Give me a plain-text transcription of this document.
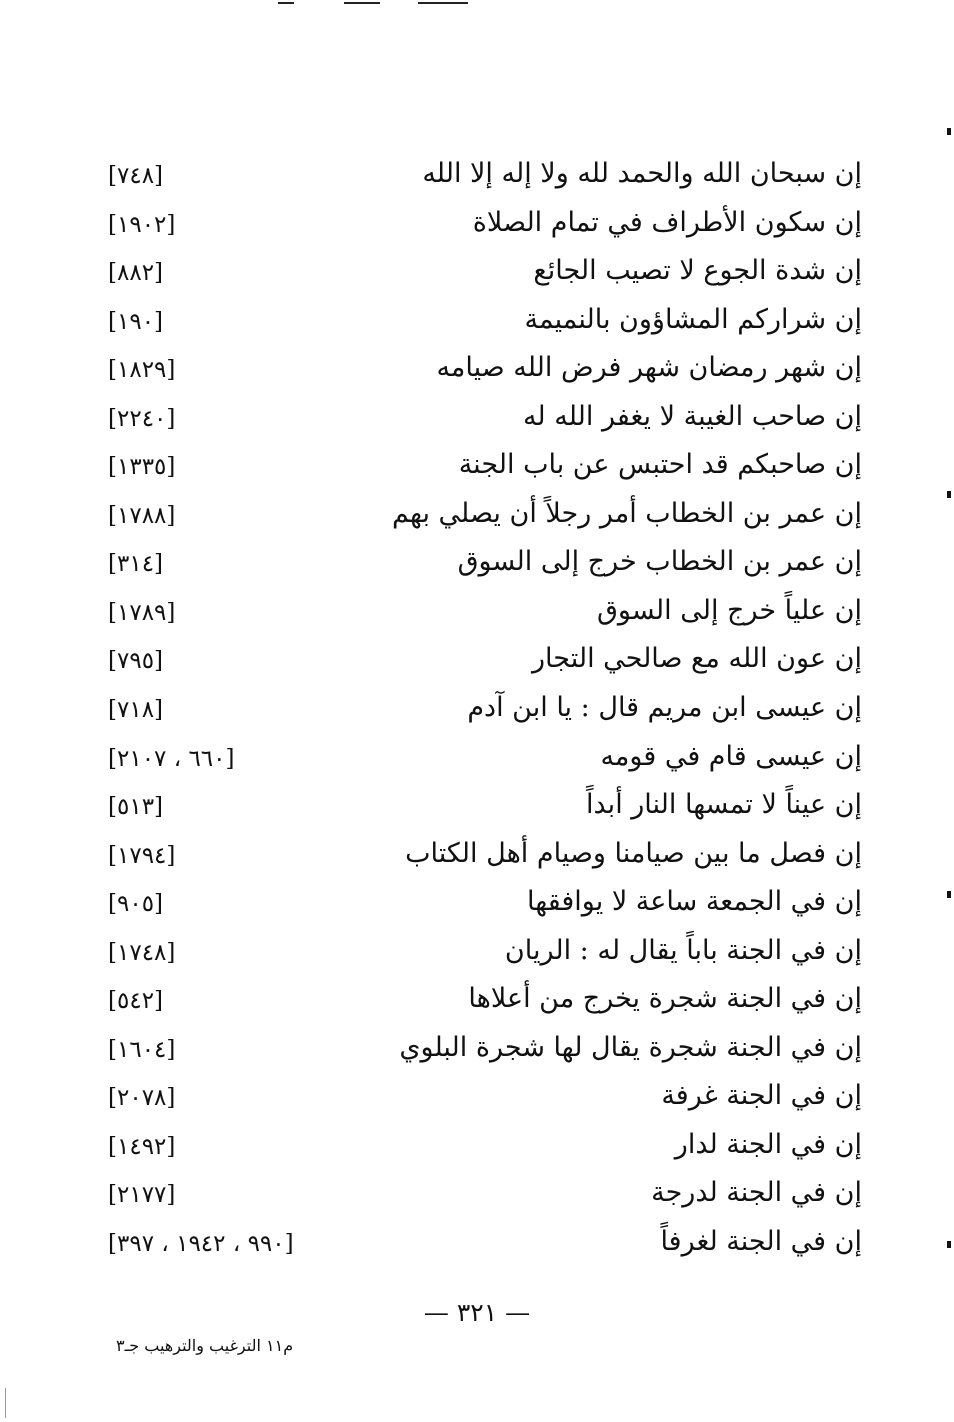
إن سبحان الله والحمد لله ولا إله إلا الله
[٧٤٨]
إن سكون الأطراف في تمام الصلاة
[١٩٠٢]
إن شدة الجوع لا تصيب الجائع
[٨٨٢]
إن شراركم المشاؤون بالنميمة
[١٩٠]
إن شهر رمضان شهر فرض الله صيامه
[١٨٢٩]
إن صاحب الغيبة لا يغفر الله له
[٢٢٤٠]
إن صاحبكم قد احتبس عن باب الجنة
[١٣٣٥]
إن عمر بن الخطاب أمر رجلاً أن يصلي بهم
[١٧٨٨]
إن عمر بن الخطاب خرج إلى السوق
[٣١٤]
إن علياً خرج إلى السوق
[١٧٨٩]
إن عون الله مع صالحي التجار
[٧٩٥]
إن عيسى ابن مريم قال : يا ابن آدم
[٧١٨]
إن عيسى قام في قومه
[٦٦٠ ، ٢١٠٧]
إن عيناً لا تمسها النار أبداً
[٥١٣]
إن فصل ما بين صيامنا وصيام أهل الكتاب
[١٧٩٤]
إن في الجمعة ساعة لا يوافقها
[٩٠٥]
إن في الجنة باباً يقال له : الريان
[١٧٤٨]
إن في الجنة شجرة يخرج من أعلاها
[٥٤٢]
إن في الجنة شجرة يقال لها شجرة البلوي
[١٦٠٤]
إن في الجنة غرفة
[٢٠٧٨]
إن في الجنة لدار
[١٤٩٢]
إن في الجنة لدرجة
[٢١٧٧]
إن في الجنة لغرفاً
[٩٩٠ ، ١٩٤٢ ، ٣٩٧]
— ٣٢١ —
م١١ الترغيب والترهيب جـ٣
